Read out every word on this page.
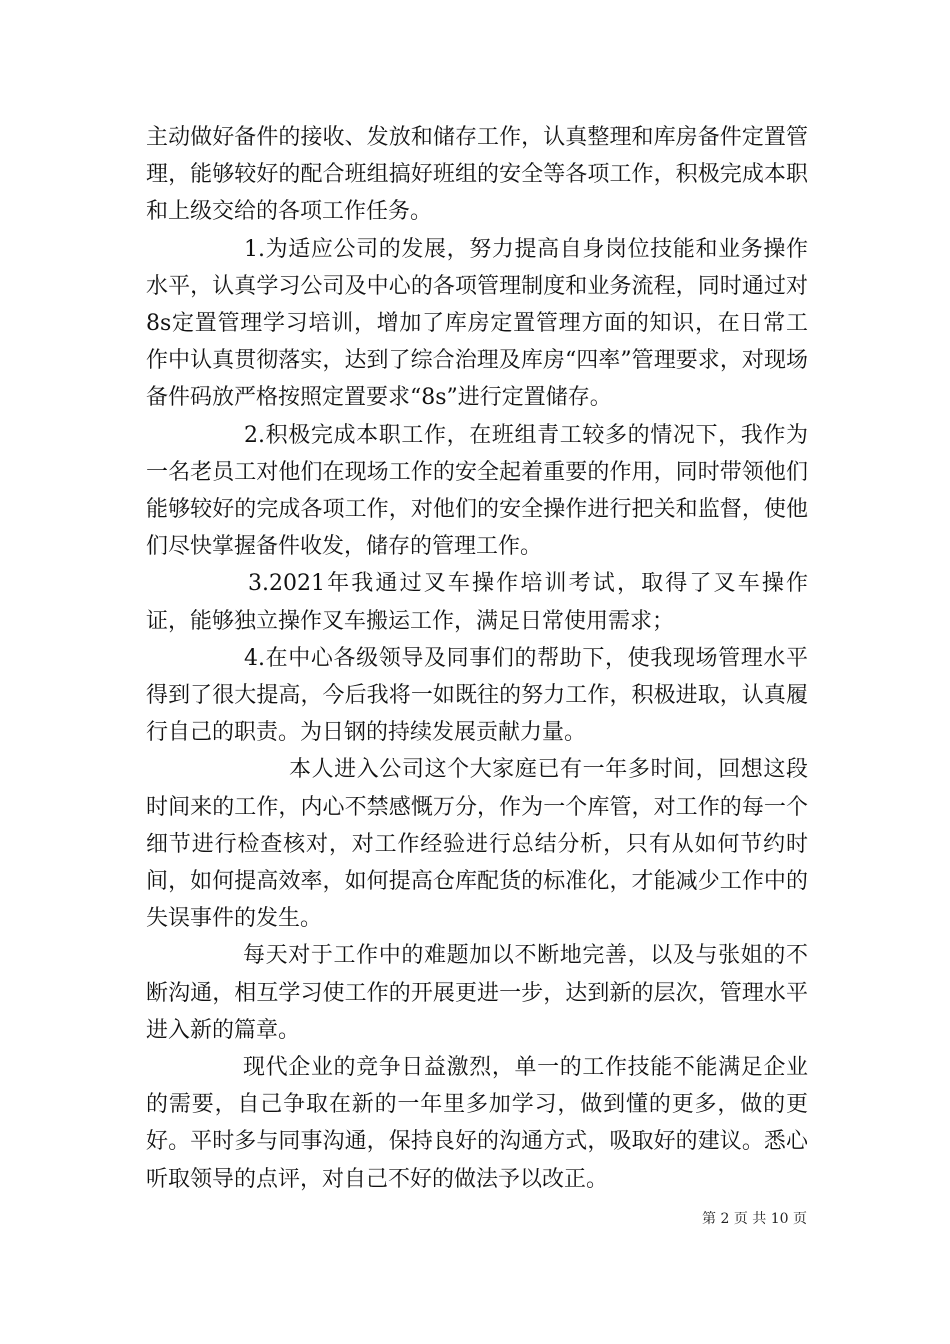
主动做好备件的接收、发放和储存工作，认真整理和库房备件定置管理，能够较好的配合班组搞好班组的安全等各项工作，积极完成本职和上级交给的各项工作任务。

1.为适应公司的发展，努力提高自身岗位技能和业务操作水平，认真学习公司及中心的各项管理制度和业务流程，同时通过对8s定置管理学习培训，增加了库房定置管理方面的知识，在日常工作中认真贯彻落实，达到了综合治理及库房“四率”管理要求，对现场备件码放严格按照定置要求“8s”进行定置储存。

2.积极完成本职工作，在班组青工较多的情况下，我作为一名老员工对他们在现场工作的安全起着重要的作用，同时带领他们能够较好的完成各项工作，对他们的安全操作进行把关和监督，使他们尽快掌握备件收发，储存的管理工作。

3.2021年我通过叉车操作培训考试，取得了叉车操作证，能够独立操作叉车搬运工作，满足日常使用需求；

4.在中心各级领导及同事们的帮助下，使我现场管理水平得到了很大提高，今后我将一如既往的努力工作，积极进取，认真履行自己的职责。为日钢的持续发展贡献力量。

本人进入公司这个大家庭已有一年多时间，回想这段时间来的工作，内心不禁感慨万分，作为一个库管，对工作的每一个细节进行检查核对，对工作经验进行总结分析，只有从如何节约时间，如何提高效率，如何提高仓库配货的标准化，才能减少工作中的失误事件的发生。

每天对于工作中的难题加以不断地完善，以及与张姐的不断沟通，相互学习使工作的开展更进一步，达到新的层次，管理水平进入新的篇章。

现代企业的竞争日益激烈，单一的工作技能不能满足企业的需要，自己争取在新的一年里多加学习，做到懂的更多，做的更好。平时多与同事沟通，保持良好的沟通方式，吸取好的建议。悉心听取领导的点评，对自己不好的做法予以改正。

第 2 页 共 10 页
